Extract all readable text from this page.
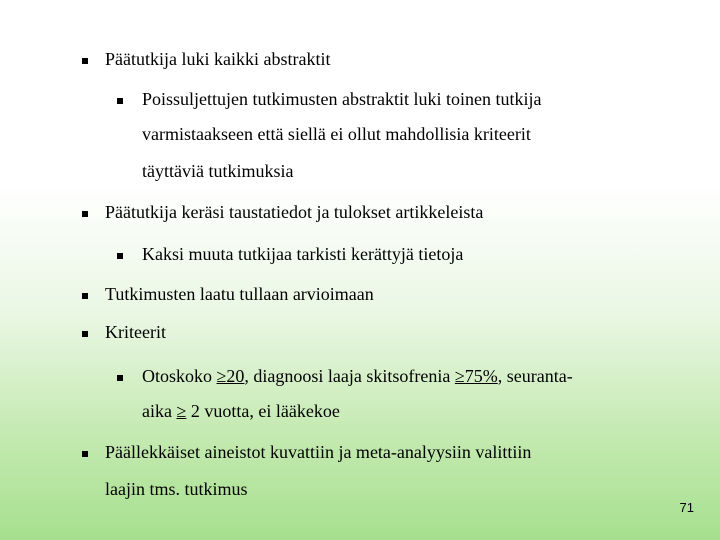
Päätutkija luki kaikki abstraktit
Poissuljettujen tutkimusten abstraktit luki toinen tutkija
varmistaakseen että siellä ei ollut mahdollisia kriteerit
täyttäviä tutkimuksia
Päätutkija keräsi taustatiedot ja tulokset artikkeleista
Kaksi muuta tutkijaa tarkisti kerättyjä tietoja
Tutkimusten laatu tullaan arvioimaan
Kriteerit
Otoskoko ≥20, diagnoosi laaja skitsofrenia ≥75%, seuranta-
aika ≥ 2 vuotta, ei lääkekoe
Päällekkäiset aineistot kuvattiin ja meta-analyysiin valittiin
laajin tms. tutkimus
71
